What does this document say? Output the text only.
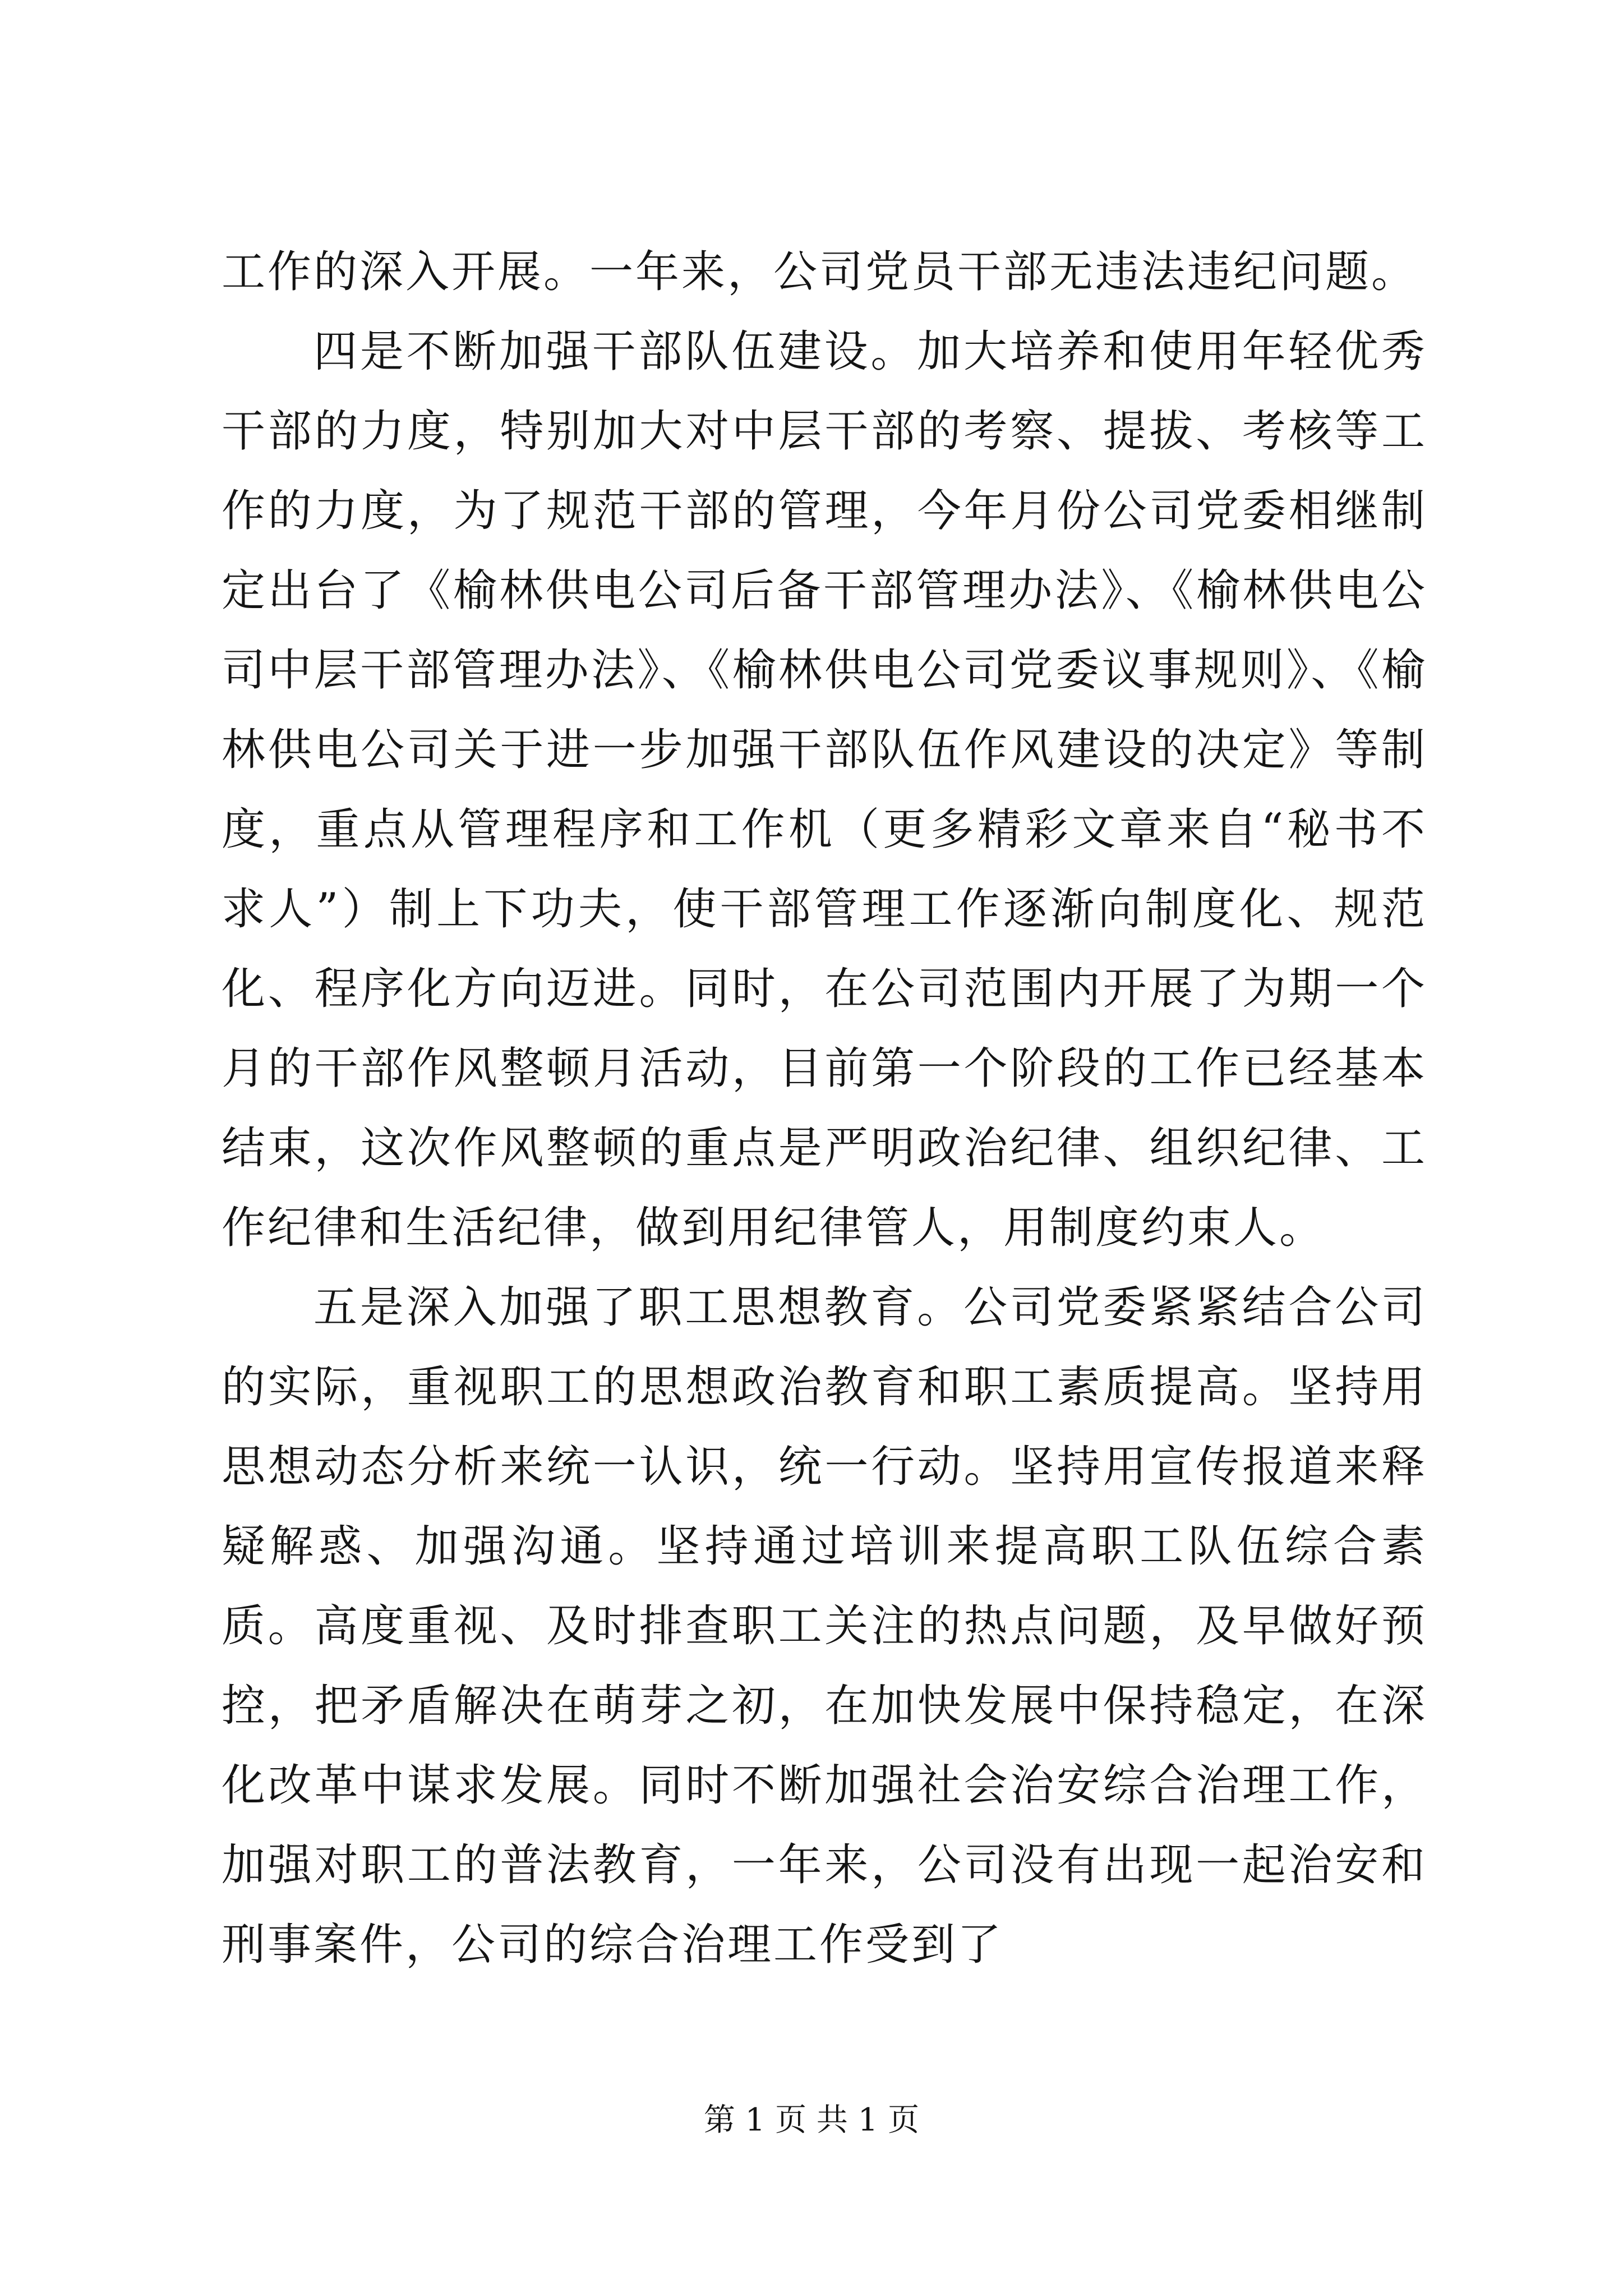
工作的深入开展。一年来，公司党员干部无违法违纪问题。

四是不断加强干部队伍建设。加大培养和使用年轻优秀干部的力度，特别加大对中层干部的考察、提拔、考核等工作的力度，为了规范干部的管理，今年月份公司党委相继制定出台了《榆林供电公司后备干部管理办法》、《榆林供电公司中层干部管理办法》、《榆林供电公司党委议事规则》、《榆林供电公司关于进一步加强干部队伍作风建设的决定》等制度，重点从管理程序和工作机（更多精彩文章来自“秘书不求人”）制上下功夫，使干部管理工作逐渐向制度化、规范化、程序化方向迈进。同时，在公司范围内开展了为期一个月的干部作风整顿月活动，目前第一个阶段的工作已经基本结束，这次作风整顿的重点是严明政治纪律、组织纪律、工作纪律和生活纪律，做到用纪律管人，用制度约束人。

五是深入加强了职工思想教育。公司党委紧紧结合公司的实际，重视职工的思想政治教育和职工素质提高。坚持用思想动态分析来统一认识，统一行动。坚持用宣传报道来释疑解惑、加强沟通。坚持通过培训来提高职工队伍综合素质。高度重视、及时排查职工关注的热点问题，及早做好预控，把矛盾解决在萌芽之初，在加快发展中保持稳定，在深化改革中谋求发展。同时不断加强社会治安综合治理工作，加强对职工的普法教育，一年来，公司没有出现一起治安和刑事案件，公司的综合治理工作受到了

第 1 页 共 1 页
